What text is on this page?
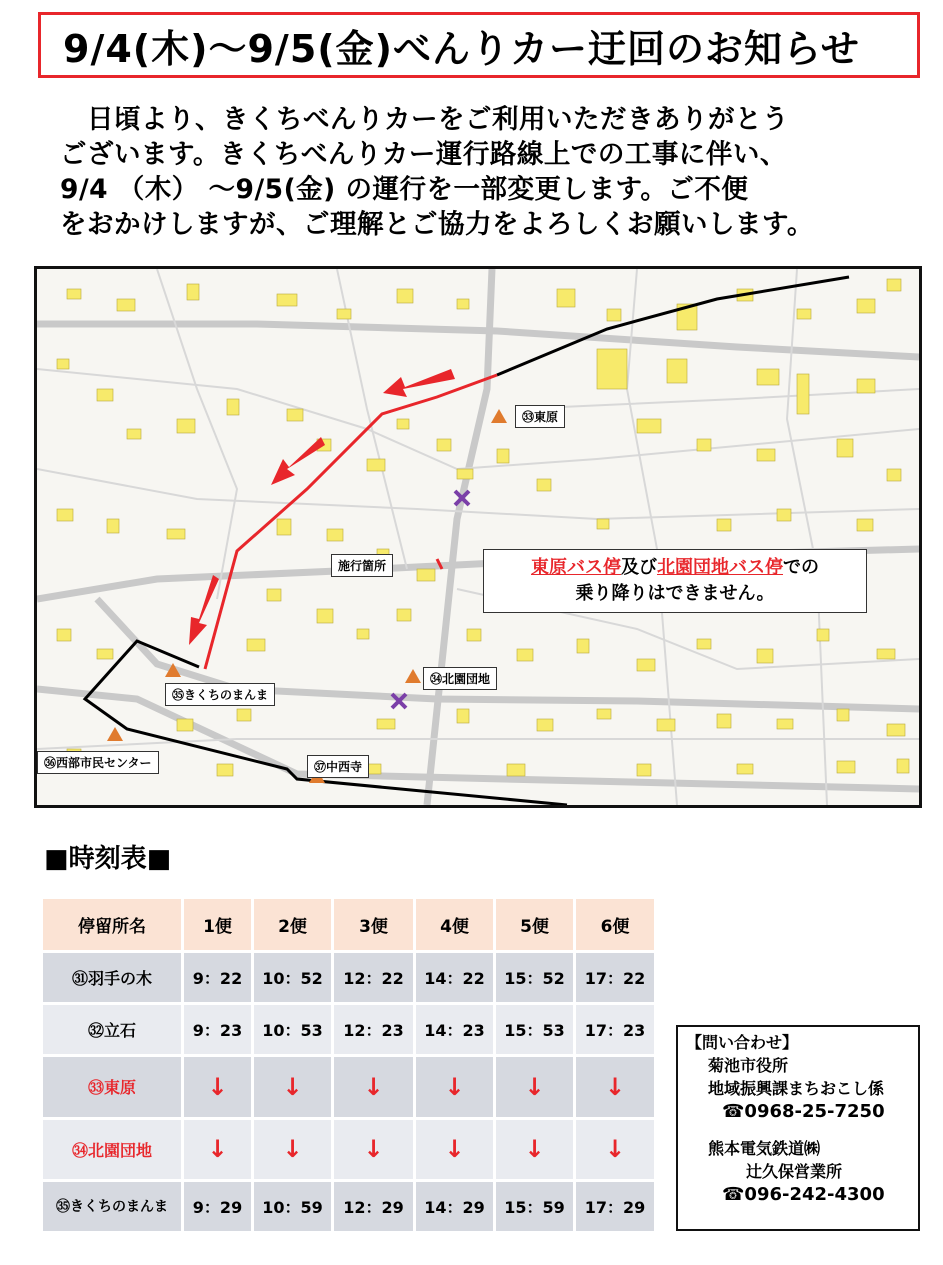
9/4(木)〜9/5(金)べんりカー迂回のお知らせ

　日頃より、きくちべんりカーをご利用いただきありがとう

ございます。きくちべんりカー運行路線上での工事に伴い、

9/4 （木） 〜9/5(金) の運行を一部変更します。ご不便

をおかけしますが、ご理解とご協力をよろしくお願いします。

㉝東原
㉞北園団地
㉟きくちのまんま
㊱西部市民センター	㊲中西寺
施行箇所	東原バス停及び北園団地バス停での
乗り降りはできません。
■時刻表■
停留所名	1便	2便	3便	4便	5便	6便
㉛羽手の木	9：22	10：52	12：22	14：22	15：52	17：22
㉜立石	9：23	10：53	12：23	14：23	15：53	17：23
㉝東原	↓	↓	↓	↓	↓	↓
㉞北園団地	↓	↓	↓	↓	↓	↓
㉟きくちのまんま	9：29	10：59	12：29	14：29	15：59	17：29
【問い合わせ】
菊池市役所
地域振興課まちおこし係
☎0968-25-7250
熊本電気鉄道㈱
辻久保営業所
☎096-242-4300
